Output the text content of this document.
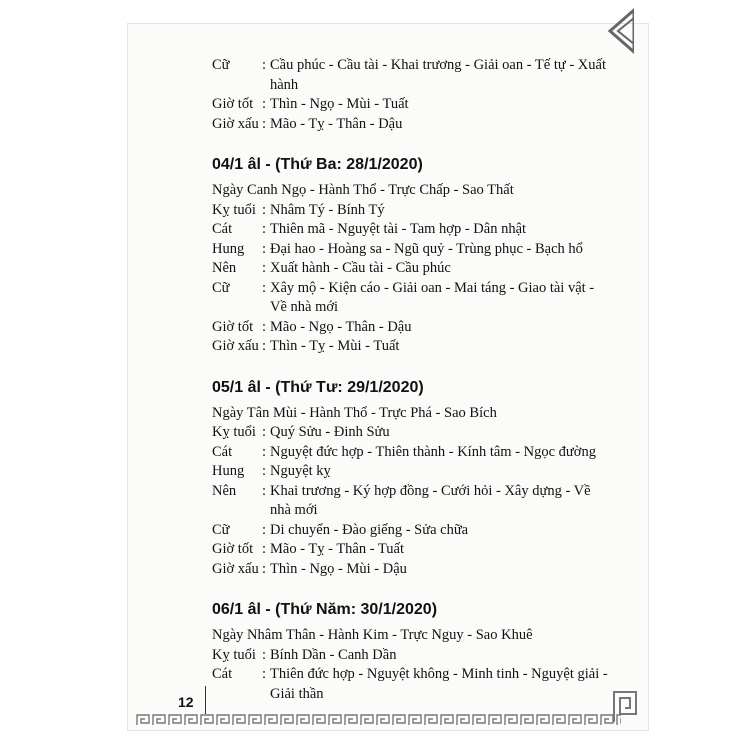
Cữ	: Cầu phúc - Cầu tài - Khai trương - Giải oan - Tế tự - Xuất hành
Giờ tốt : Thìn - Ngọ - Mùi - Tuất
Giờ xấu : Mão - Tỵ - Thân - Dậu
04/1 âl - (Thứ Ba: 28/1/2020)
Ngày Canh Ngọ - Hành Thổ - Trực Chấp - Sao Thất
Kỵ tuổi : Nhâm Tý - Bính Tý
Cát	: Thiên mã - Nguyệt tài - Tam hợp - Dân nhật
Hung	: Đại hao - Hoàng sa - Ngũ quỷ - Trùng phục - Bạch hổ
Nên	: Xuất hành - Cầu tài - Cầu phúc
Cữ	: Xây mộ - Kiện cáo - Giải oan - Mai táng - Giao tài vật - Về nhà mới
Giờ tốt : Mão - Ngọ - Thân - Dậu
Giờ xấu : Thìn - Tỵ - Mùi - Tuất
05/1 âl - (Thứ Tư: 29/1/2020)
Ngày Tân Mùi - Hành Thổ - Trực Phá - Sao Bích
Kỵ tuổi : Quý Sửu - Đinh Sửu
Cát	: Nguyệt đức hợp - Thiên thành - Kính tâm - Ngọc đường
Hung	: Nguyệt kỵ
Nên	: Khai trương - Ký hợp đồng - Cưới hỏi - Xây dựng - Về nhà mới
Cữ	: Di chuyển - Đào giếng - Sửa chữa
Giờ tốt : Mão - Tỵ - Thân - Tuất
Giờ xấu : Thìn - Ngọ - Mùi - Dậu
06/1 âl - (Thứ Năm: 30/1/2020)
Ngày Nhâm Thân - Hành Kim - Trực Nguy - Sao Khuê
Kỵ tuổi : Bính Dần - Canh Dần
Cát	: Thiên đức hợp - Nguyệt không - Minh tinh - Nguyệt giải - Giải thần
12
